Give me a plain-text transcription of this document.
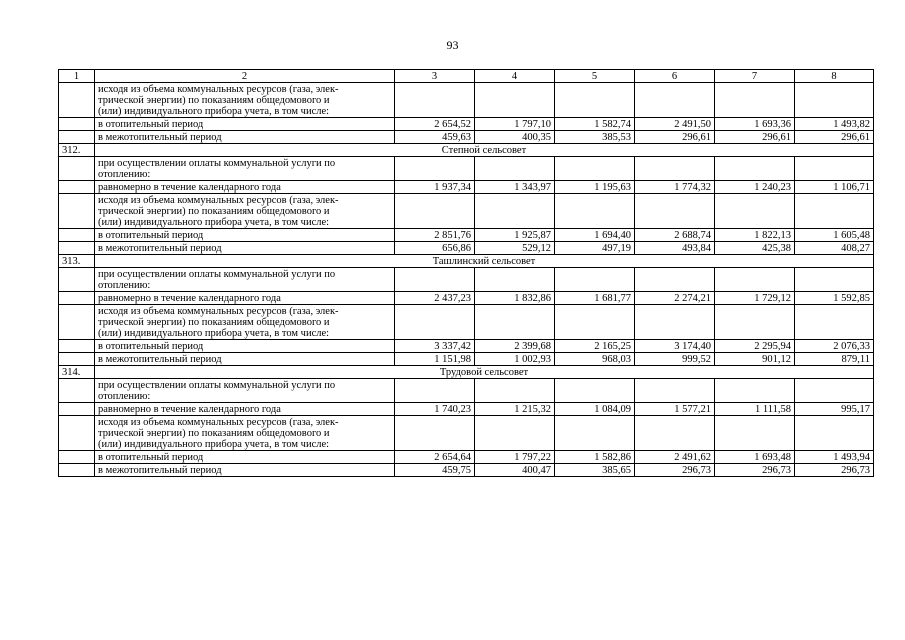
93
1	2	3	4	5	6	7	8
	исходя из объема коммунальных ресурсов (газа, элек-
трической энергии) по показаниям общедомового и
(или) индивидуального прибора учета, в том числе:						
	в отопительный период	2 654,52	1 797,10	1 582,74	2 491,50	1 693,36	1 493,82
	в межотопительный период	459,63	400,35	385,53	296,61	296,61	296,61
312.	Степной сельсовет						
	при осуществлении оплаты коммунальной услуги по
отоплению:						
	равномерно в течение календарного года	1 937,34	1 343,97	1 195,63	1 774,32	1 240,23	1 106,71
	исходя из объема коммунальных ресурсов (газа, элек-
трической энергии) по показаниям общедомового и
(или) индивидуального прибора учета, в том числе:						
	в отопительный период	2 851,76	1 925,87	1 694,40	2 688,74	1 822,13	1 605,48
	в межотопительный период	656,86	529,12	497,19	493,84	425,38	408,27
313.	Ташлинский сельсовет						
	при осуществлении оплаты коммунальной услуги по
отоплению:						
	равномерно в течение календарного года	2 437,23	1 832,86	1 681,77	2 274,21	1 729,12	1 592,85
	исходя из объема коммунальных ресурсов (газа, элек-
трической энергии) по показаниям общедомового и
(или) индивидуального прибора учета, в том числе:						
	в отопительный период	3 337,42	2 399,68	2 165,25	3 174,40	2 295,94	2 076,33
	в межотопительный период	1 151,98	1 002,93	968,03	999,52	901,12	879,11
314.	Трудовой сельсовет						
	при осуществлении оплаты коммунальной услуги по
отоплению:						
	равномерно в течение календарного года	1 740,23	1 215,32	1 084,09	1 577,21	1 111,58	995,17
	исходя из объема коммунальных ресурсов (газа, элек-
трической энергии) по показаниям общедомового и
(или) индивидуального прибора учета, в том числе:						
	в отопительный период	2 654,64	1 797,22	1 582,86	2 491,62	1 693,48	1 493,94
	в межотопительный период	459,75	400,47	385,65	296,73	296,73	296,73
